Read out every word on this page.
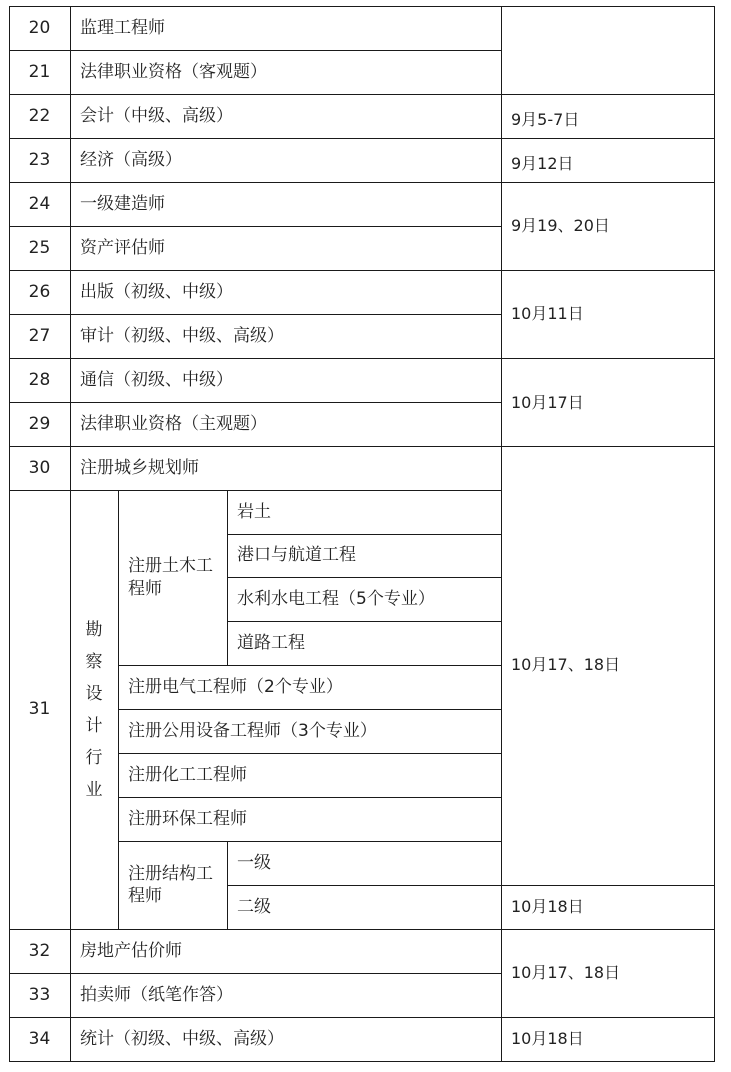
20
21
22
23
24
25
26
27
28
29
30
31
32
33
34
监理工程师
法律职业资格（客观题）
会计（中级、高级）
经济（高级）
一级建造师
资产评估师
出版（初级、中级）
审计（初级、中级、高级）
通信（初级、中级）
法律职业资格（主观题）
注册城乡规划师
房地产估价师
拍卖师（纸笔作答）
统计（初级、中级、高级）
勘
察
设
计
行
业
注册土木工
程师
岩土
港口与航道工程
水利水电工程（5个专业）
道路工程
注册电气工程师（2个专业）
注册公用设备工程师（3个专业）
注册化工工程师
注册环保工程师
注册结构工
程师
一级
二级
9月5-7日
9月12日
9月19、20日
10月11日
10月17日
10月17、18日
10月18日
10月17、18日
10月18日
